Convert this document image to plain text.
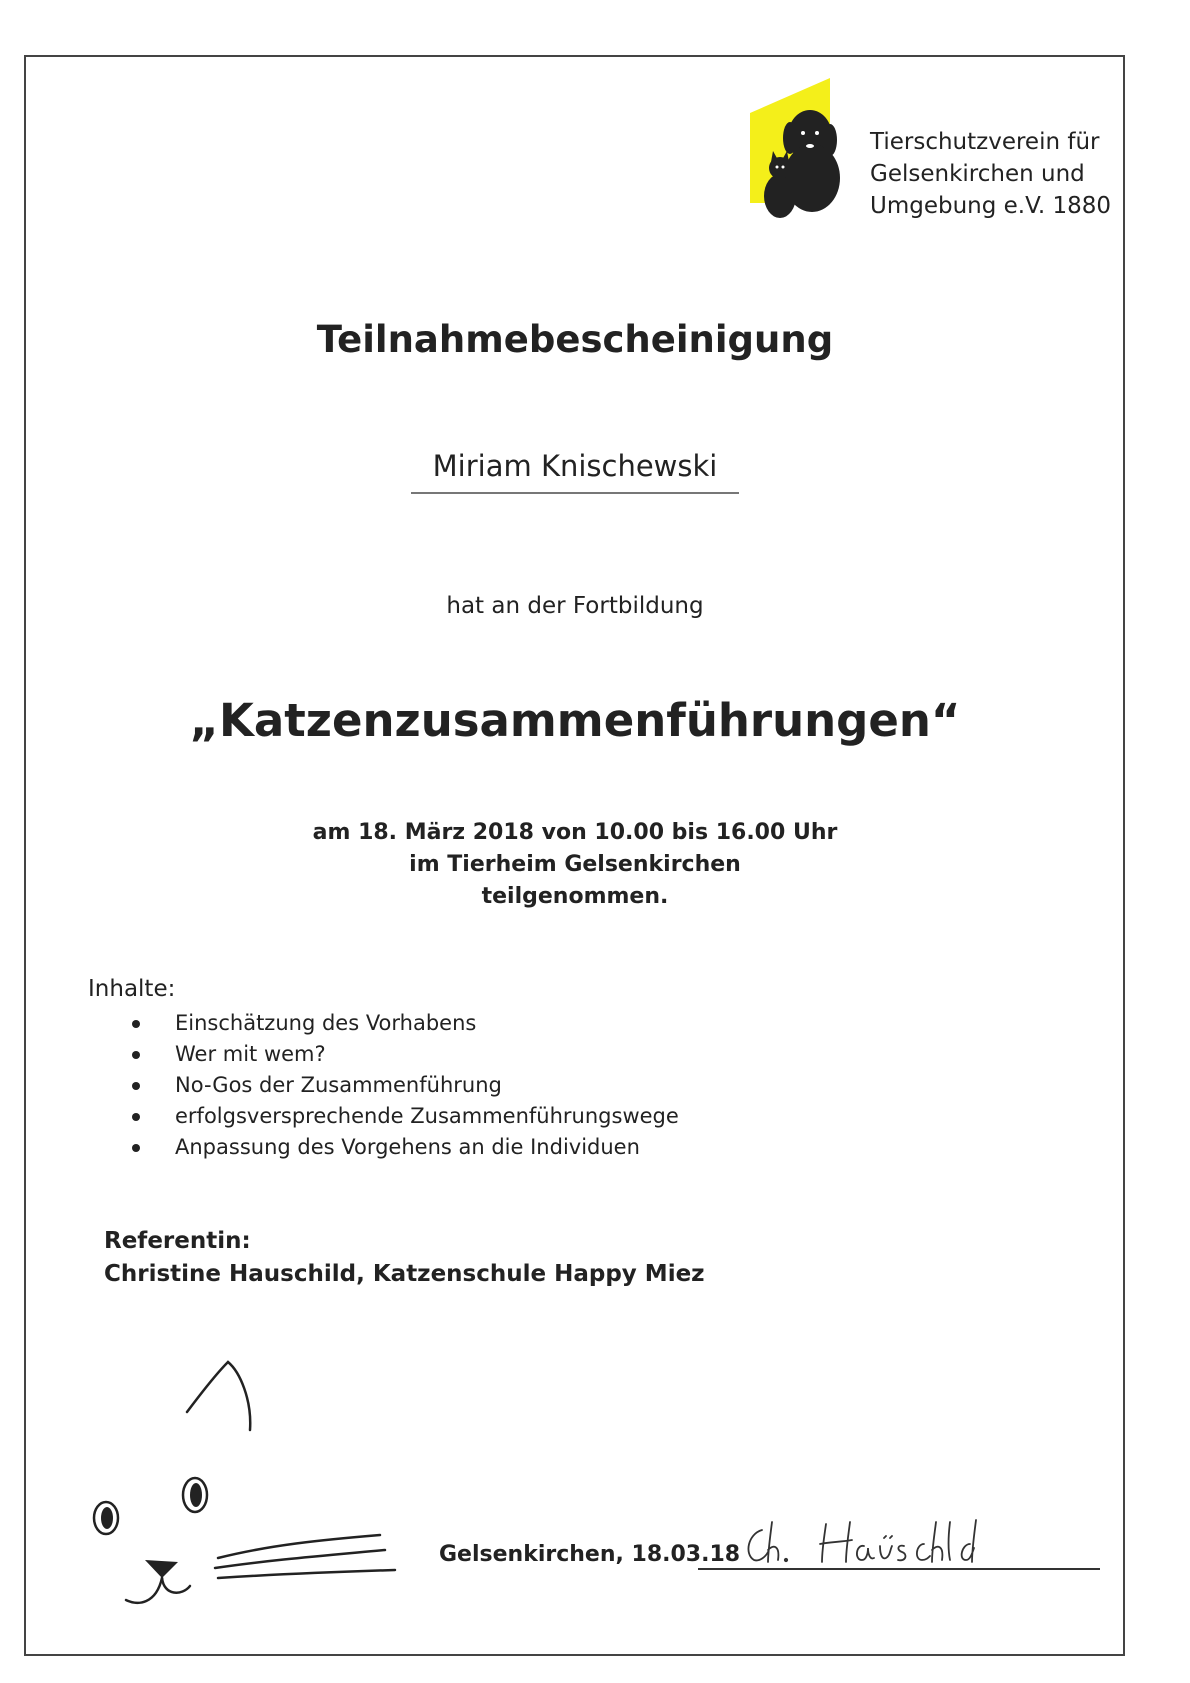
Tierschutzverein für
Gelsenkirchen und
Umgebung e.V. 1880
Teilnahmebescheinigung
Miriam Knischewski
hat an der Fortbildung
„Katzenzusammenführungen“
am 18. März 2018 von 10.00 bis 16.00 Uhr
im Tierheim Gelsenkirchen
teilgenommen.
Inhalte:
Einschätzung des Vorhabens
Wer mit wem?
No-Gos der Zusammenführung
erfolgsversprechende Zusammenführungswege
Anpassung des Vorgehens an die Individuen
Referentin:
Christine Hauschild, Katzenschule Happy Miez
Gelsenkirchen, 18.03.18
